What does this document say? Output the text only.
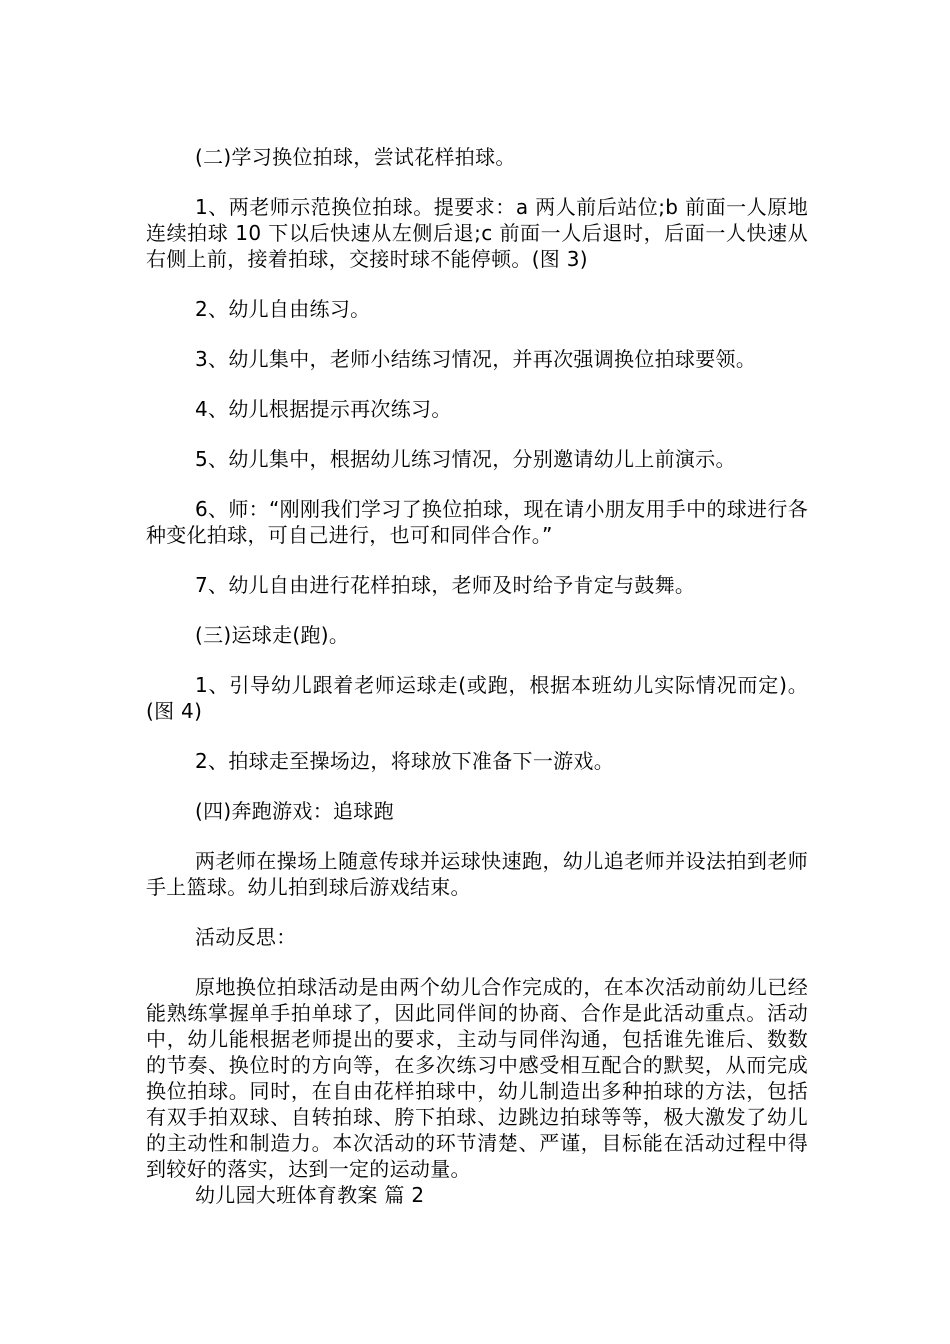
(二)学习换位拍球，尝试花样拍球。

1、两老师示范换位拍球。提要求：a 两人前后站位;b 前面一人原地连续拍球 10 下以后快速从左侧后退;c 前面一人后退时，后面一人快速从右侧上前，接着拍球，交接时球不能停顿。(图 3)

2、幼儿自由练习。

3、幼儿集中，老师小结练习情况，并再次强调换位拍球要领。

4、幼儿根据提示再次练习。

5、幼儿集中，根据幼儿练习情况，分别邀请幼儿上前演示。

6、师：“刚刚我们学习了换位拍球，现在请小朋友用手中的球进行各种变化拍球，可自己进行，也可和同伴合作。”

7、幼儿自由进行花样拍球，老师及时给予肯定与鼓舞。

(三)运球走(跑)。

1、引导幼儿跟着老师运球走(或跑，根据本班幼儿实际情况而定)。(图 4)

2、拍球走至操场边，将球放下准备下一游戏。

(四)奔跑游戏：追球跑

两老师在操场上随意传球并运球快速跑，幼儿追老师并设法拍到老师手上篮球。幼儿拍到球后游戏结束。

活动反思：

原地换位拍球活动是由两个幼儿合作完成的，在本次活动前幼儿已经能熟练掌握单手拍单球了，因此同伴间的协商、合作是此活动重点。活动中，幼儿能根据老师提出的要求，主动与同伴沟通，包括谁先谁后、数数的节奏、换位时的方向等，在多次练习中感受相互配合的默契，从而完成换位拍球。同时，在自由花样拍球中，幼儿制造出多种拍球的方法，包括有双手拍双球、自转拍球、胯下拍球、边跳边拍球等等，极大激发了幼儿的主动性和制造力。本次活动的环节清楚、严谨，目标能在活动过程中得到较好的落实，达到一定的运动量。

幼儿园大班体育教案 篇 2
